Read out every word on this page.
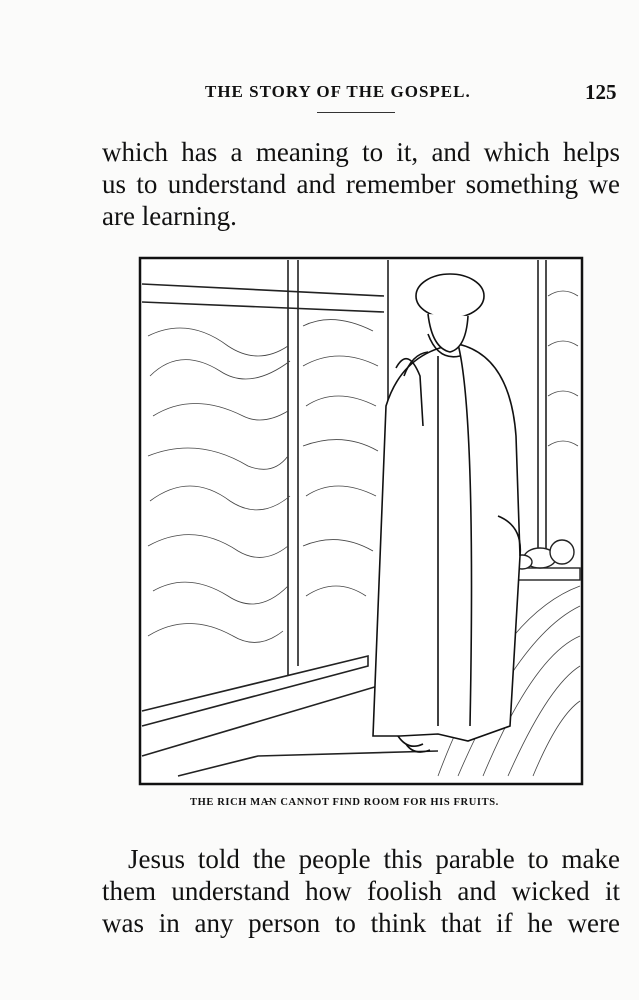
THE STORY OF THE GOSPEL.	125
which has a meaning to it, and which helps
us to understand and remember something we
are learning.
THE RICH MA̶N CANNOT FIND ROOM FOR HIS FRUITS.
Jesus told the people this parable to make
them understand how foolish and wicked it
was in any person to think that if he were
